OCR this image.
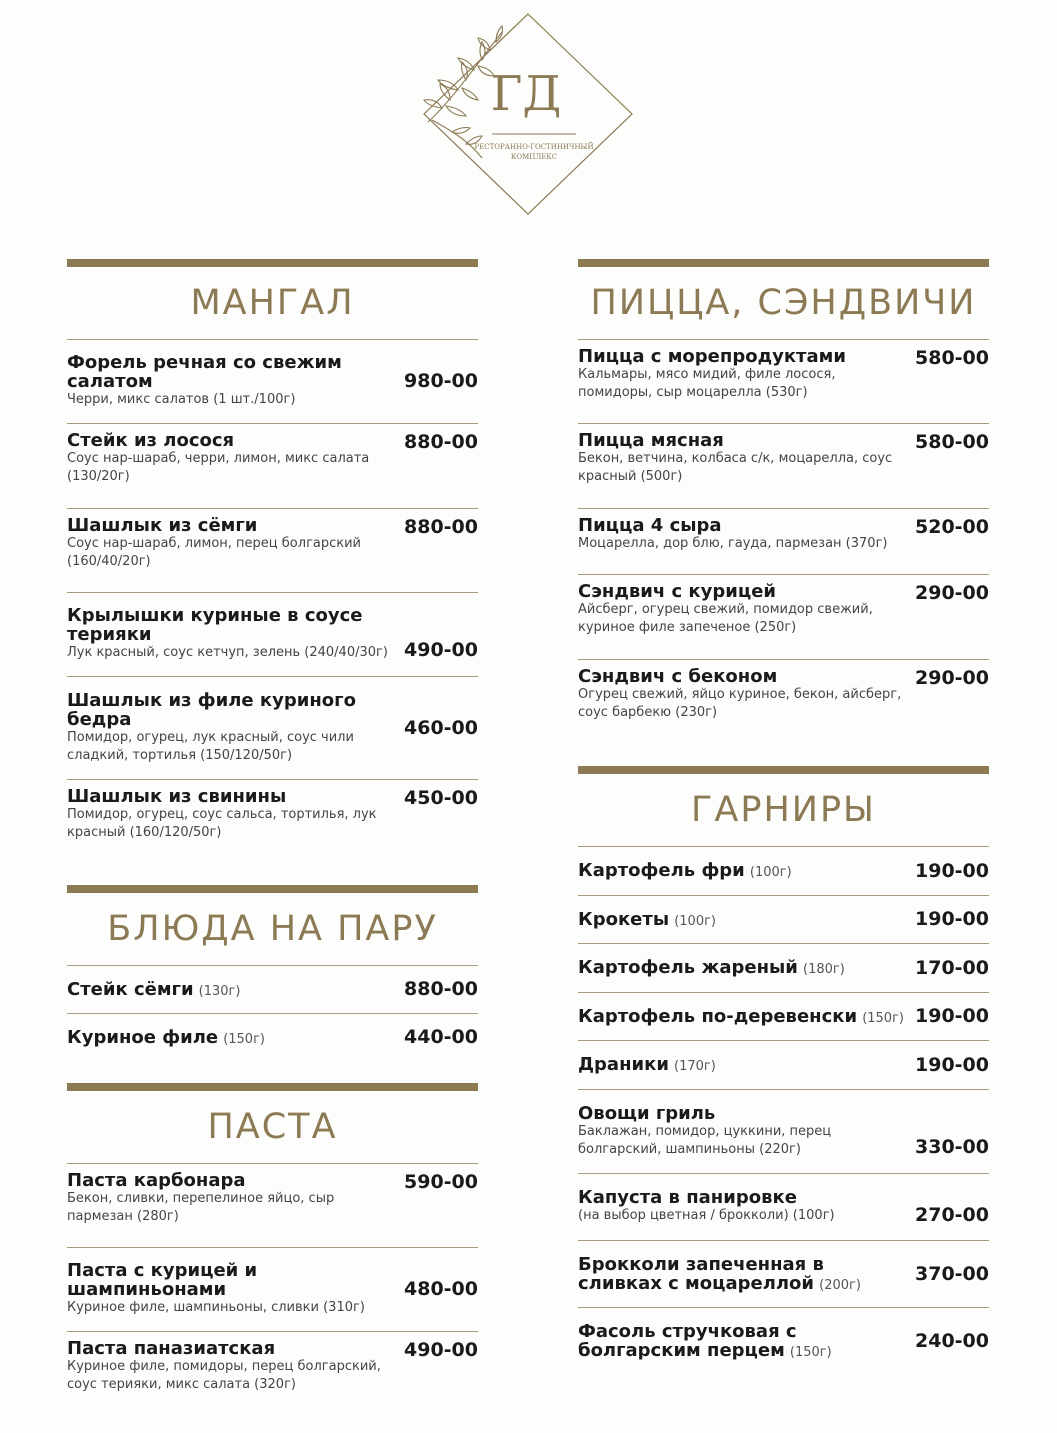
ГД
РЕСТОРАННО-ГОСТИНИЧНЫЙ
КОМПЛЕКС
МАНГАЛ
Форель речная со свежим салатом
Черри, микс салатов (1 шт./100г)
980-00
Стейк из лосося
Соус нар-шараб, черри, лимон, микс салата (130/20г)
880-00
Шашлык из сёмги
Соус нар-шараб, лимон, перец болгарский (160/40/20г)
880-00
Крылышки куриные в соусе терияки
Лук красный, соус кетчуп, зелень (240/40/30г) 490-00
Шашлык из филе куриного бедра
Помидор, огурец, лук красный, соус чили сладкий, тортилья (150/120/50г)
460-00
Шашлык из свинины
Помидор, огурец, соус сальса, тортилья, лук красный (160/120/50г)
450-00
БЛЮДА НА ПАРУ
Стейк сёмги (130г)	880-00
Куриное филе (150г)	440-00
ПАСТА
Паста карбонара
Бекон, сливки, перепелиное яйцо, сыр пармезан (280г)
590-00
Паста с курицей и шампиньонами
Куриное филе, шампиньоны, сливки (310г)
480-00
Паста паназиатская
Куриное филе, помидоры, перец болгарский, соус терияки, микс салата (320г)
490-00
ПИЦЦА, СЭНДВИЧИ
Пицца с морепродуктами
Кальмары, мясо мидий, филе лосося, помидоры, сыр моцарелла (530г)
580-00
Пицца мясная
Бекон, ветчина, колбаса с/к, моцарелла, соус красный (500г)
580-00
Пицца 4 сыра
Моцарелла, дор блю, гауда, пармезан (370г)
520-00
Сэндвич с курицей
Айсберг, огурец свежий, помидор свежий, куриное филе запеченое (250г)
290-00
Сэндвич с беконом
Огурец свежий, яйцо куриное, бекон, айсберг, соус барбекю (230г)
290-00
ГАРНИРЫ
Картофель фри (100г)	190-00
Крокеты (100г)	190-00
Картофель жареный (180г)	170-00
Картофель по-деревенски (150г) 190-00
Драники (170г)	190-00
Овощи гриль
Баклажан, помидор, цуккини, перец болгарский, шампиньоны (220г)	330-00
Капуста в панировке
(на выбор цветная / брокколи) (100г)	270-00
Брокколи запеченная в сливках с моцареллой (200г)
370-00
Фасоль стручковая с болгарским перцем (150г)
240-00
